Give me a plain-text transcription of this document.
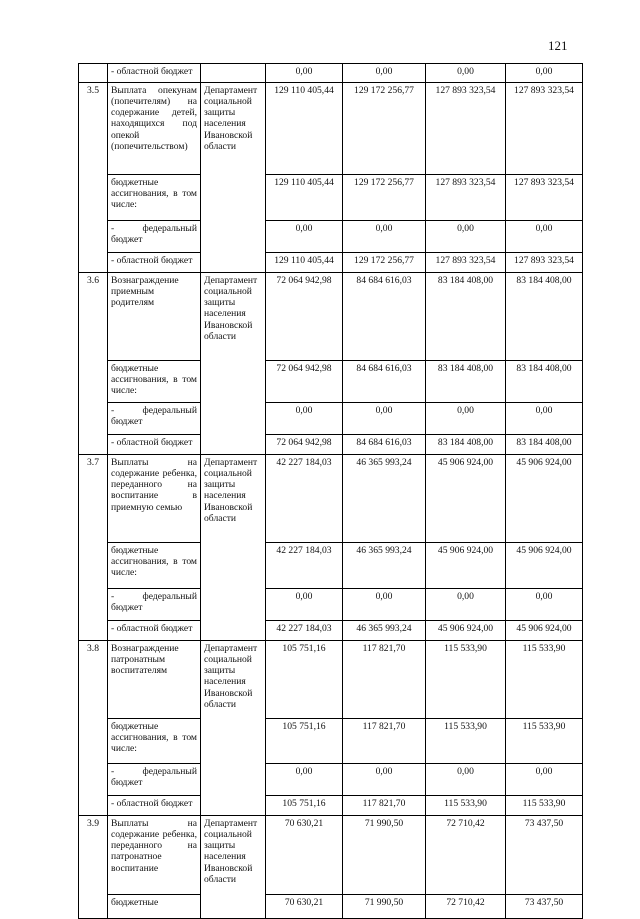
121
	- областной бюджет		0,00	0,00	0,00	0,00
3.5	Выплата опекунам (попечителям) на содержание детей, находящихся под опекой (попечительством)	Департамент социальной защиты населения Ивановской области	129 110 405,44	129 172 256,77	127 893 323,54	127 893 323,54
	бюджетные ассигнования, в том числе:		129 110 405,44	129 172 256,77	127 893 323,54	127 893 323,54
	- федеральный бюджет		0,00	0,00	0,00	0,00
	- областной бюджет		129 110 405,44	129 172 256,77	127 893 323,54	127 893 323,54
3.6	Вознаграждение приемным родителям	Департамент социальной защиты населения Ивановской области	72 064 942,98	84 684 616,03	83 184 408,00	83 184 408,00
	бюджетные ассигнования, в том числе:		72 064 942,98	84 684 616,03	83 184 408,00	83 184 408,00
	- федеральный бюджет		0,00	0,00	0,00	0,00
	- областной бюджет		72 064 942,98	84 684 616,03	83 184 408,00	83 184 408,00
3.7	Выплаты на содержание ребенка, переданного на воспитание в приемную семью	Департамент социальной защиты населения Ивановской области	42 227 184,03	46 365 993,24	45 906 924,00	45 906 924,00
	бюджетные ассигнования, в том числе:		42 227 184,03	46 365 993,24	45 906 924,00	45 906 924,00
	- федеральный бюджет		0,00	0,00	0,00	0,00
	- областной бюджет		42 227 184,03	46 365 993,24	45 906 924,00	45 906 924,00
3.8	Вознаграждение патронатным воспитателям	Департамент социальной защиты населения Ивановской области	105 751,16	117 821,70	115 533,90	115 533,90
	бюджетные ассигнования, в том числе:		105 751,16	117 821,70	115 533,90	115 533,90
	- федеральный бюджет		0,00	0,00	0,00	0,00
	- областной бюджет		105 751,16	117 821,70	115 533,90	115 533,90
3.9	Выплаты на содержание ребенка, переданного на патронатное воспитание	Департамент социальной защиты населения Ивановской области	70 630,21	71 990,50	72 710,42	73 437,50
	бюджетные		70 630,21	71 990,50	72 710,42	73 437,50
